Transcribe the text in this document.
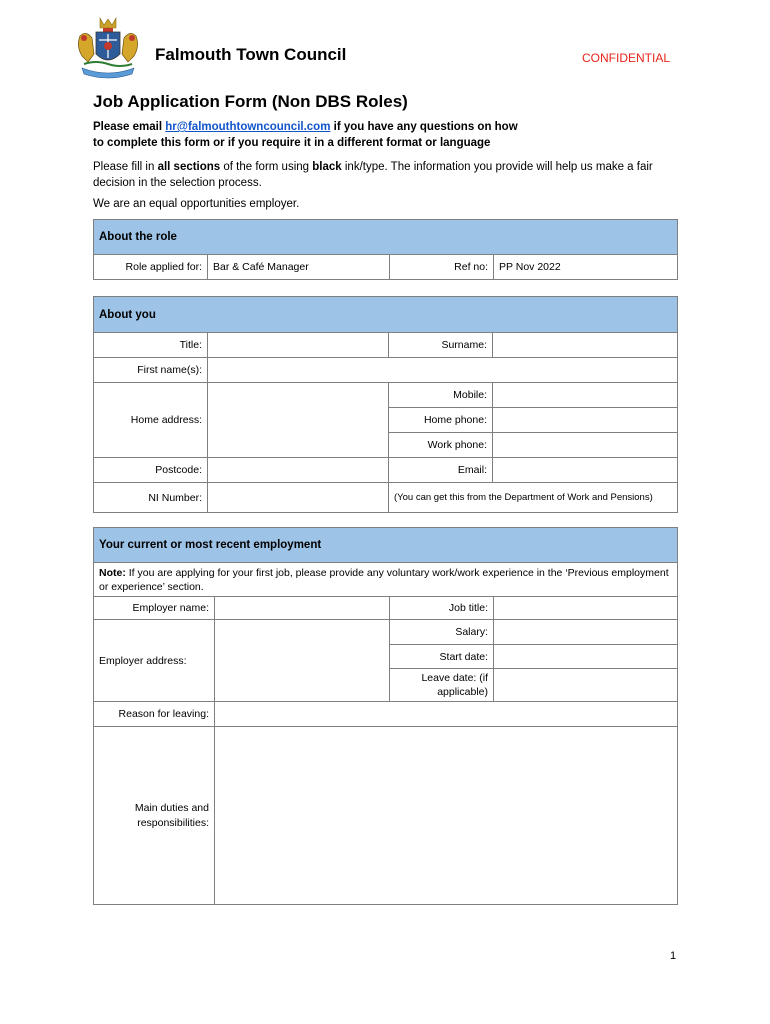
Falmouth Town Council	CONFIDENTIAL
Job Application Form (Non DBS Roles)
Please email hr@falmouthtowncouncil.com if you have any questions on how
to complete this form or if you require it in a different format or language
Please fill in all sections of the form using black ink/type. The information you provide will help us make a fair decision in the selection process.
We are an equal opportunities employer.
About the role
Role applied for:	Bar & Café Manager	Ref no:	PP Nov 2022
About you			
Title:		Surname:	
First name(s):			
Home address:		Mobile:	
		Home phone:	
		Work phone:	
Postcode:		Email:	
NI Number:		(You can get this from the Department of Work and Pensions)	
Your current or most recent employment			
Note: If you are applying for your first job, please provide any voluntary work/work experience in the ‘Previous employment or experience’ section.			
Employer name:		Job title:	
Employer address:		Salary:	
		Start date:	
		Leave date: (if applicable)	
Reason for leaving:			
Main duties and responsibilities:			
1
